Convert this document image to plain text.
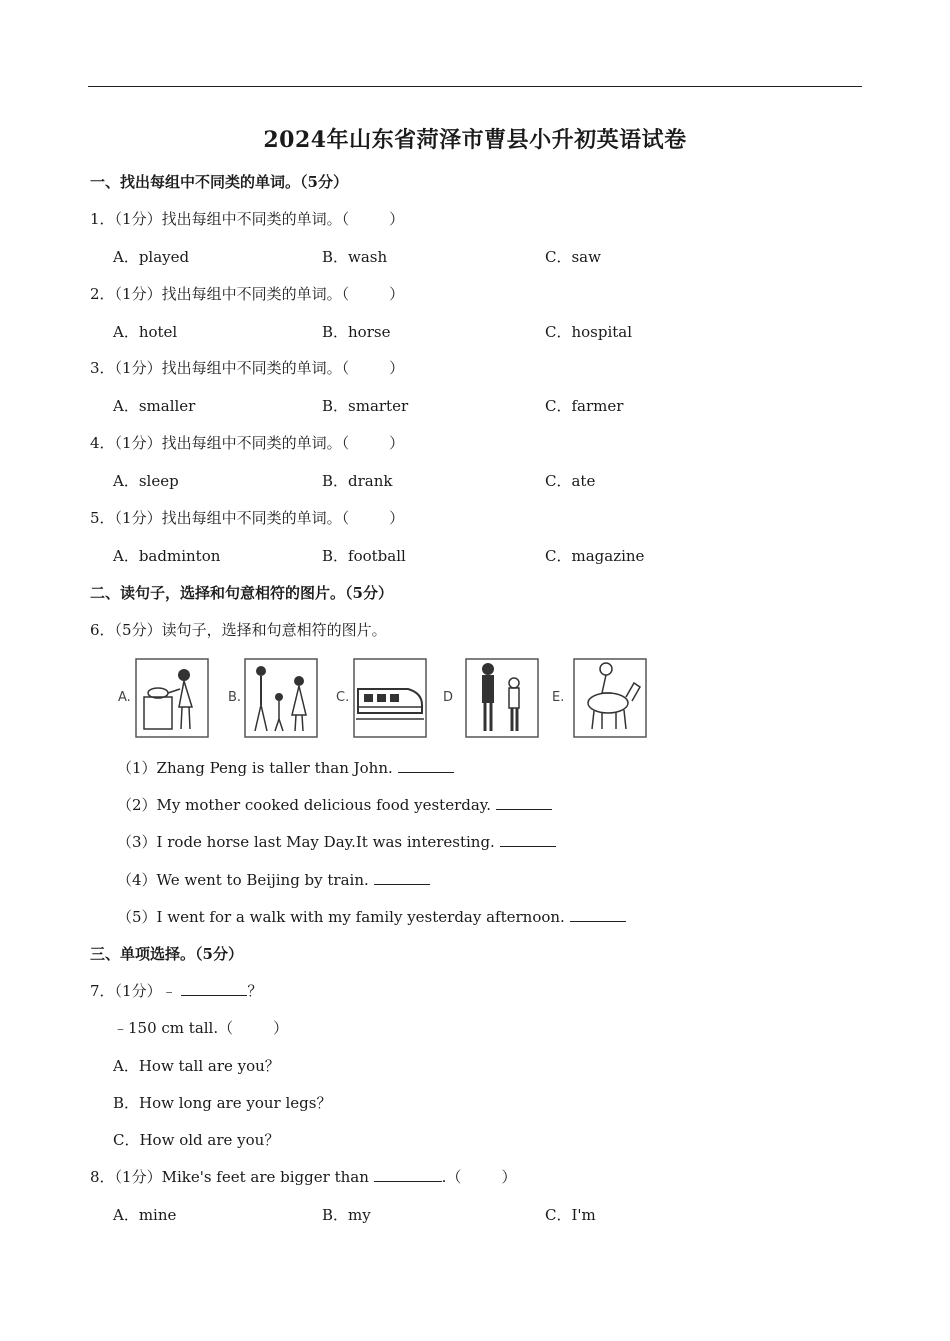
2024年山东省菏泽市曹县小升初英语试卷
一、找出每组中不同类的单词。（5分）
1．（1分）找出每组中不同类的单词。（	）
A．played	B．wash	C．saw
2．（1分）找出每组中不同类的单词。（	）
A．hotel	B．horse	C．hospital
3．（1分）找出每组中不同类的单词。（	）
A．smaller	B．smarter	C．farmer
4．（1分）找出每组中不同类的单词。（	）
A．sleep	B．drank	C．ate
5．（1分）找出每组中不同类的单词。（	）
A．badminton	B．football	C．magazine
二、读句子，选择和句意相符的图片。（5分）
6．（5分）读句子，选择和句意相符的图片。
A.	B.	C.	D	E.
（1）Zhang Peng is taller than John.
（2）My mother cooked delicious food yesterday.
（3）I rode horse last May Day.It was interesting.
（4）We went to Beijing by train.
（5）I went for a walk with my family yesterday afternoon.
三、单项选择。（5分）
7．（1分）﹣	？
﹣150 cm tall.（	）
A．How tall are you？
B．How long are your legs？
C．How old are you？
8．（1分）Mike's feet are bigger than	.（	）
A．mine	B．my	C．I'm
